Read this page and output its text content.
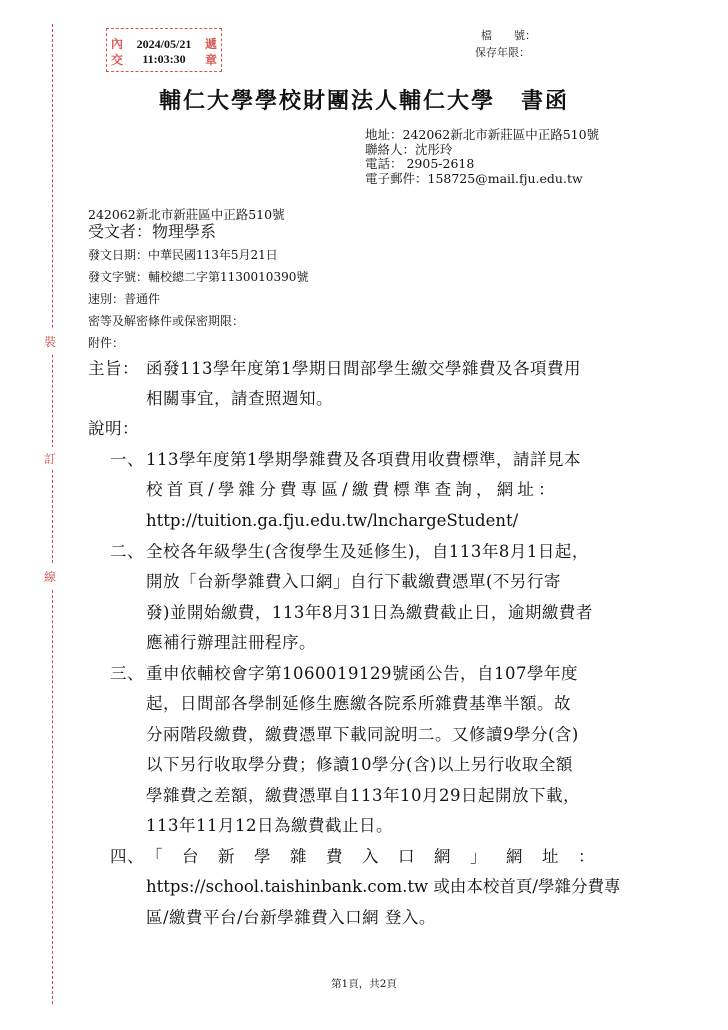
裝
訂
線
內
交
遞
章
2024/05/21
11:03:30
檔　　號：
保存年限：
輔仁大學學校財團法人輔仁大學 書函
地址：242062新北市新莊區中正路510號
聯絡人：沈彤玲
電話： 2905-2618
電子郵件：158725@mail.fju.edu.tw
242062新北市新莊區中正路510號
受文者：物理學系
發文日期：中華民國113年5月21日
發文字號：輔校總二字第1130010390號
速別：普通件
密等及解密條件或保密期限：
附件：
主旨： 函發113學年度第1學期日間部學生繳交學雜費及各項費用
相關事宜，請查照週知。
說明：
一、 113學年度第1學期學雜費及各項費用收費標準，請詳見本
校首頁/學雜分費專區/繳費標準查詢，網址：
http://tuition.ga.fju.edu.tw/lnchargeStudent/
二、 全校各年級學生(含復學生及延修生)，自113年8月1日起，
開放「台新學雜費入口網」自行下載繳費憑單(不另行寄
發)並開始繳費，113年8月31日為繳費截止日，逾期繳費者
應補行辦理註冊程序。
三、 重申依輔校會字第1060019129號函公告，自107學年度
起，日間部各學制延修生應繳各院系所雜費基準半額。故
分兩階段繳費，繳費憑單下載同說明二。又修讀9學分(含)
以下另行收取學分費；修讀10學分(含)以上另行收取全額
學雜費之差額，繳費憑單自113年10月29日起開放下載，
113年11月12日為繳費截止日。
四、 「台新學雜費入口網」網址：
https://school.taishinbank.com.tw 或由本校首頁/學雜分費專
區/繳費平台/台新學雜費入口網 登入。
第1頁，共2頁
